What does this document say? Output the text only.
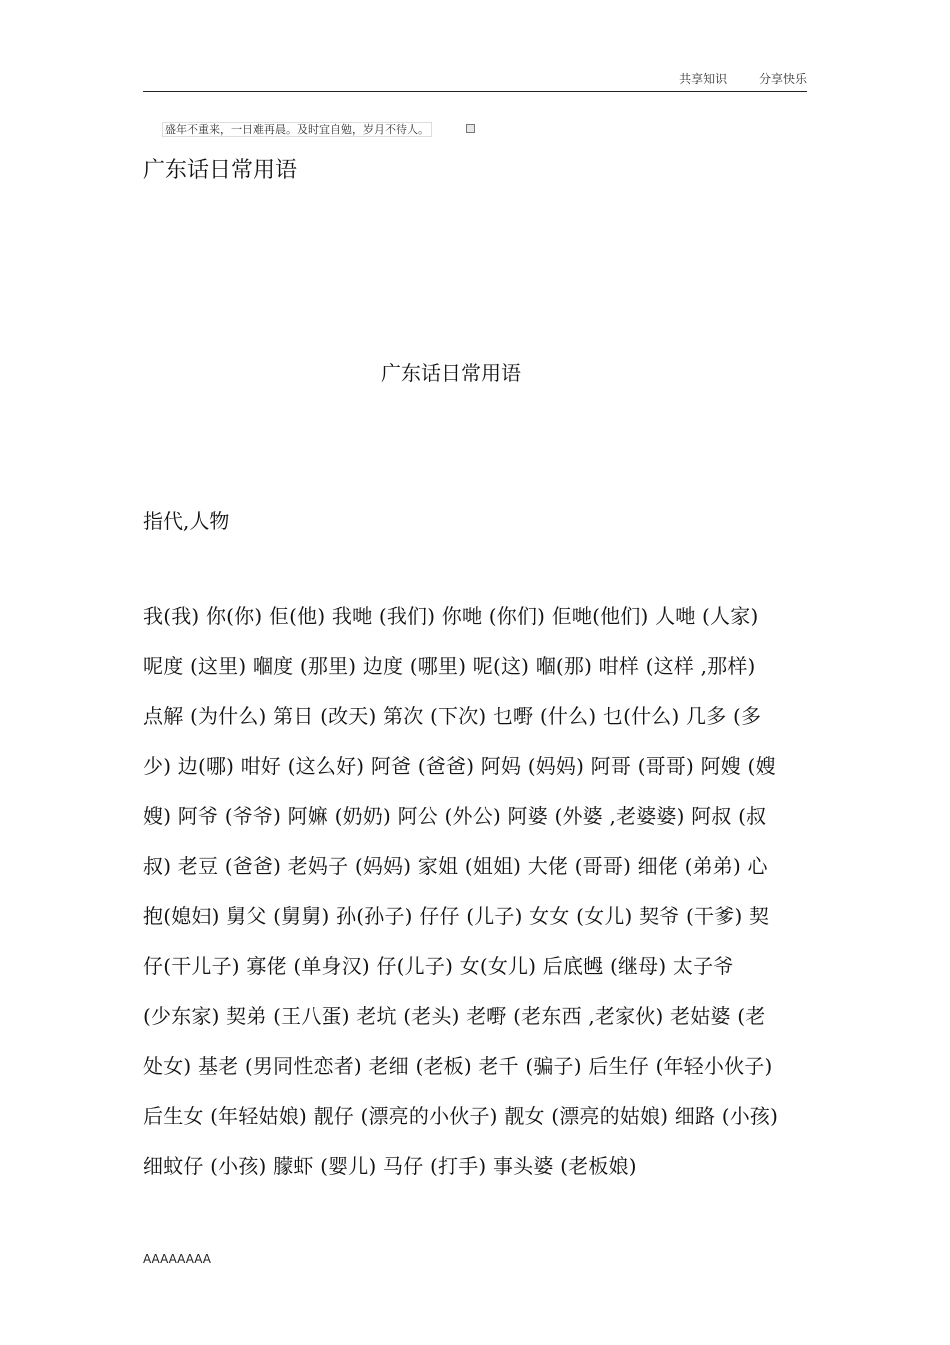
共享知识	分享快乐
盛年不重来，一日难再晨。及时宜自勉，岁月不待人。
广东话日常用语
广东话日常用语
指代,人物
我(我) 你(你) 佢(他) 我哋 (我们) 你哋 (你们) 佢哋(他们) 人哋 (人家)
呢度 (这里) 嗰度 (那里) 边度 (哪里) 呢(这) 嗰(那) 咁样 (这样 ,那样)
点解 (为什么) 第日 (改天) 第次 (下次) 乜嘢 (什么) 乜(什么) 几多 (多
少) 边(哪) 咁好 (这么好) 阿爸 (爸爸) 阿妈 (妈妈) 阿哥 (哥哥) 阿嫂 (嫂
嫂) 阿爷 (爷爷) 阿嫲 (奶奶) 阿公 (外公) 阿婆 (外婆 ,老婆婆) 阿叔 (叔
叔) 老豆 (爸爸) 老妈子 (妈妈) 家姐 (姐姐) 大佬 (哥哥) 细佬 (弟弟) 心
抱(媳妇) 舅父 (舅舅) 孙(孙子) 仔仔 (儿子) 女女 (女儿) 契爷 (干爹) 契
仔(干儿子) 寡佬 (单身汉) 仔(儿子) 女(女儿) 后底乸 (继母) 太子爷
(少东家) 契弟 (王八蛋) 老坑 (老头) 老嘢 (老东西 ,老家伙) 老姑婆 (老
处女) 基老 (男同性恋者) 老细 (老板) 老千 (骗子) 后生仔 (年轻小伙子)
后生女 (年轻姑娘) 靓仔 (漂亮的小伙子) 靓女 (漂亮的姑娘) 细路 (小孩)
细蚊仔 (小孩) 朦虾 (婴儿) 马仔 (打手) 事头婆 (老板娘)
AAAAAAAA
